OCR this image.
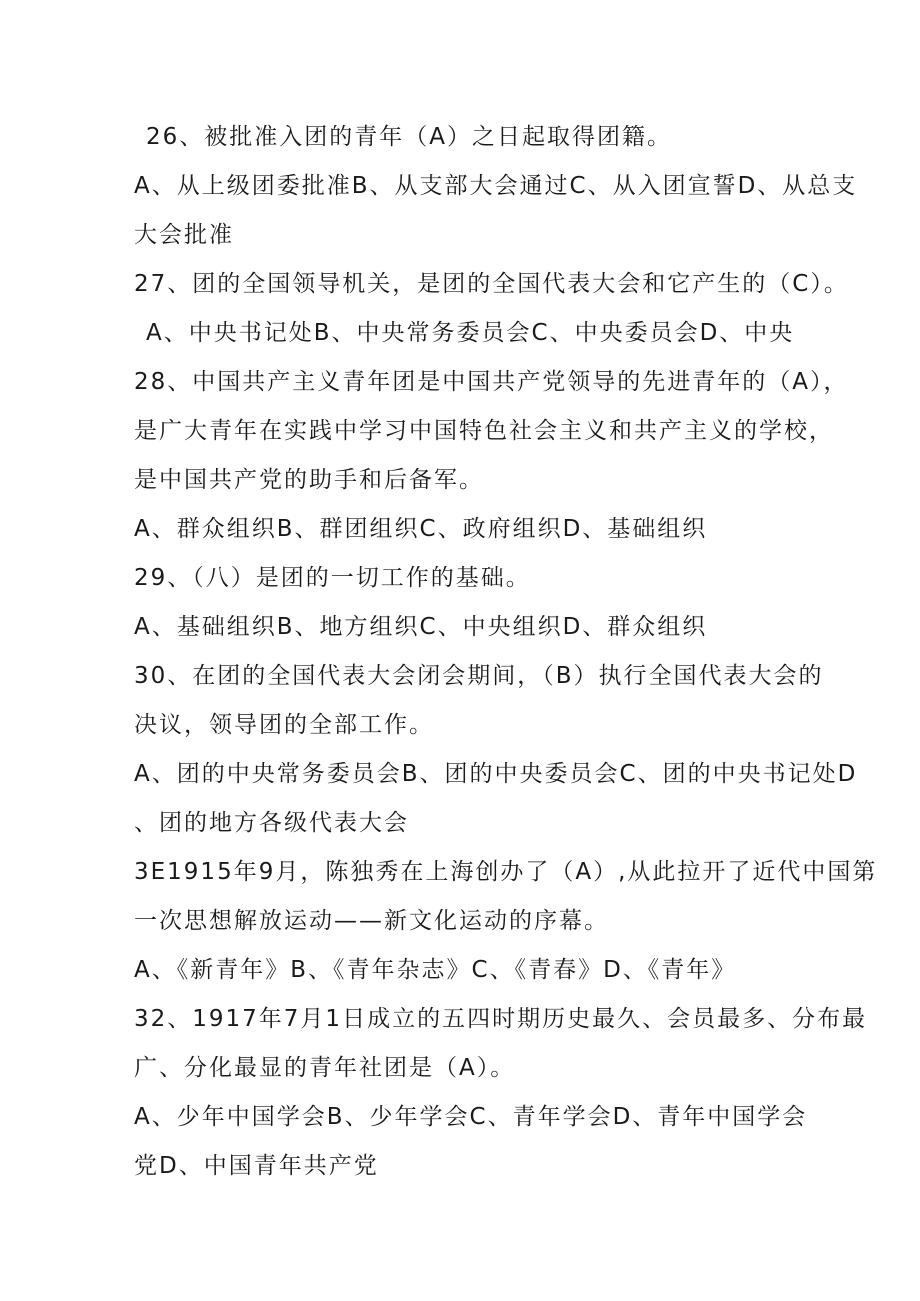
26、被批准入团的青年（A）之日起取得团籍。
A、从上级团委批准B、从支部大会通过C、从入团宣誓D、从总支
大会批准
27、团的全国领导机关，是团的全国代表大会和它产生的（C）。
A、中央书记处B、中央常务委员会C、中央委员会D、中央
28、中国共产主义青年团是中国共产党领导的先进青年的（A），
是广大青年在实践中学习中国特色社会主义和共产主义的学校，
是中国共产党的助手和后备军。
A、群众组织B、群团组织C、政府组织D、基础组织
29、（八）是团的一切工作的基础。
A、基础组织B、地方组织C、中央组织D、群众组织
30、在团的全国代表大会闭会期间，（B）执行全国代表大会的
决议，领导团的全部工作。
A、团的中央常务委员会B、团的中央委员会C、团的中央书记处D
、团的地方各级代表大会
3E1915年9月，陈独秀在上海创办了（A）,从此拉开了近代中国第
一次思想解放运动——新文化运动的序幕。
A、《新青年》B、《青年杂志》C、《青春》D、《青年》
32、1917年7月1日成立的五四时期历史最久、会员最多、分布最
广、分化最显的青年社团是（A）。
A、少年中国学会B、少年学会C、青年学会D、青年中国学会
党D、中国青年共产党
